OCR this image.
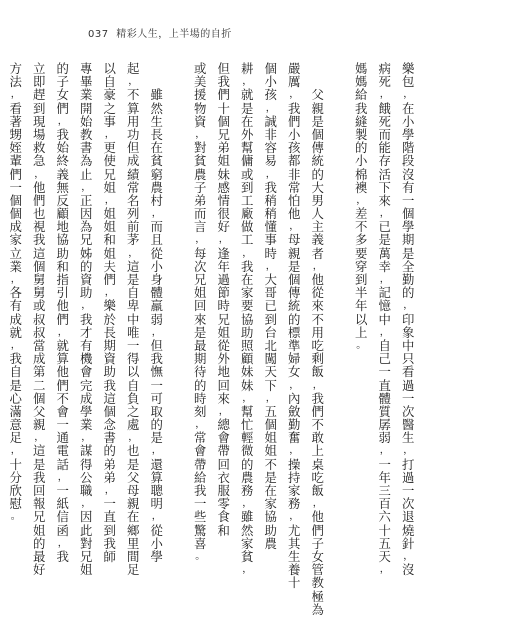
037 精彩人生，上半場的自折
樂
包
，
在
小
學
階
段
沒
有
一
個
學
期
是
全
勤
的
，
印
象
中
只
看
過
一
次
醫
生
，
打
過
一
次
退
燒
針
，
沒
病
死
，
餓
死
而
能
存
活
下
來
，
已
是
萬
幸
，
記
憶
中
，
自
己
一
直
體
質
孱
弱
，
一
年
三
百
六
十
五
天
，
媽
媽
給
我
縫
製
的
小
棉
襖
，
差
不
多
要
穿
到
半
年
以
上
。

父
親
是
個
傳
統
的
大
男
人
主
義
者
，
他
從
來
不
用
吃
剩
飯
，
我
們
不
敢
上
桌
吃
飯
，
他
們
子
女
管
教
極
為
嚴
厲
，
我
們
小
孩
都
非
常
怕
他
，
母
親
是
個
傳
統
的
標
準
婦
女
，
內
斂
勤
奮
，
操
持
家
務
，
尤
其
生
養
十
個
小
孩
，
誠
非
容
易
，
我
稍
稍
懂
事
時
，
大
哥
已
到
台
北
闖
天
下
，
五
個
姐
姐
不
是
在
家
協
助
農
耕
，
就
是
在
外
幫
傭
或
到
工
廠
做
工
，
我
在
家
要
協
助
照
顧
妹
妹
，
幫
忙
輕
微
的
農
務
，
雖
然
家
貧
，
但
我
們
十
個
兄
弟
姐
妹
感
情
很
好
，
逢
年
過
節
時
兄
姐
從
外
地
回
來
，
總
會
帶
回
衣
服
零
食
和
或
美
援
物
資
，
對
貧
農
子
弟
而
言
，
每
次
兄
姐
回
來
是
最
期
待
的
時
刻
，
常
會
帶
給
我
一
些
驚
喜
。

雖
然
生
長
在
貧
窮
農
村
，
而
且
從
小
身
體
羸
弱
，
但
我
憮
一
可
取
的
是
，
還
算
聰
明
，
從
小
學
起
，
不
算
用
功
但
成
績
常
名
列
前
茅
，
這
是
自
卑
中
唯
一
得
以
自
負
之
處
，
也
是
父
母
親
在
鄉
里
間
足
以
自
豪
之
事
，
更
使
兄
姐
，
姐
姐
和
姐
夫
們
，
樂
於
長
期
資
助
我
這
個
念
書
的
弟
弟
，
一
直
到
我
師
專
畢
業
開
始
教
書
為
止
，
正
因
為
兄
姊
的
資
助
，
我
才
有
機
會
完
成
學
業
，
謀
得
公
職
，
因
此
對
兄
姐
的
子
女
們
，
我
始
終
義
無
反
顧
地
協
助
和
指
引
他
們
，
就
算
他
們
不
會
一
通
電
話
，
一
紙
信
函
，
我
立
即
趕
到
現
場
救
急
，
他
們
也
視
我
這
個
舅
舅
或
叔
叔
當
成
第
二
個
父
親
，
這
是
我
回
報
兄
姐
的
最
好
方
法
，
看
著
甥
姪
輩
們
一
個
個
成
家
立
業
，
各
有
成
就
，
我
自
是
心
滿
意
足
，
十
分
欣
慰
。
